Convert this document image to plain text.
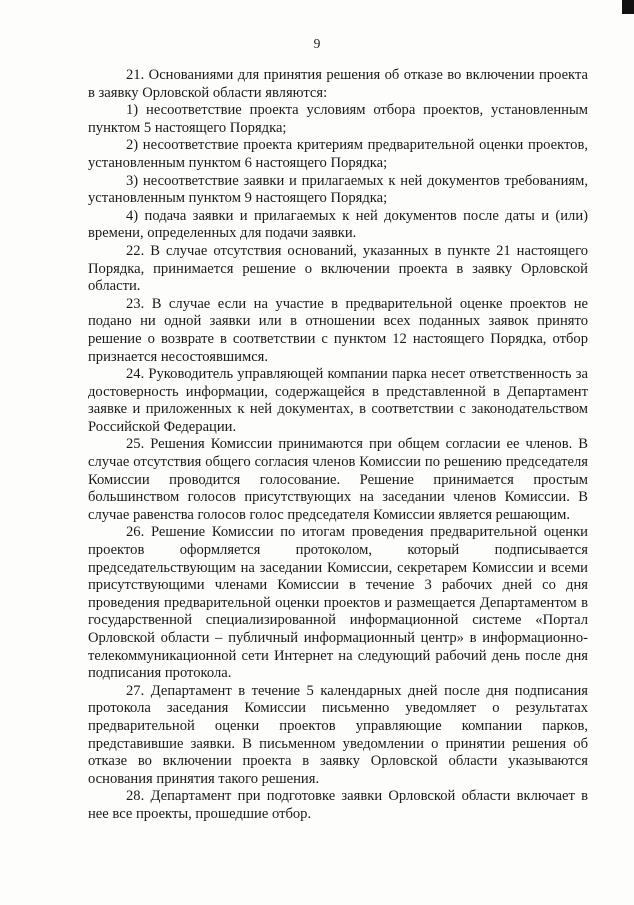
9

21. Основаниями для принятия решения об отказе во включении проекта в заявку Орловской области являются:

1) несоответствие проекта условиям отбора проектов, установленным пунктом 5 настоящего Порядка;

2) несоответствие проекта критериям предварительной оценки проектов, установленным пунктом 6 настоящего Порядка;

3) несоответствие заявки и прилагаемых к ней документов требованиям, установленным пунктом 9 настоящего Порядка;

4) подача заявки и прилагаемых к ней документов после даты и (или) времени, определенных для подачи заявки.

22. В случае отсутствия оснований, указанных в пункте 21 настоящего Порядка, принимается решение о включении проекта в заявку Орловской области.

23. В случае если на участие в предварительной оценке проектов не подано ни одной заявки или в отношении всех поданных заявок принято решение о возврате в соответствии с пунктом 12 настоящего Порядка, отбор признается несостоявшимся.

24. Руководитель управляющей компании парка несет ответственность за достоверность информации, содержащейся в представленной в Департамент заявке и приложенных к ней документах, в соответствии с законодательством Российской Федерации.

25. Решения Комиссии принимаются при общем согласии ее членов. В случае отсутствия общего согласия членов Комиссии по решению председателя Комиссии проводится голосование. Решение принимается простым большинством голосов присутствующих на заседании членов Комиссии. В случае равенства голосов голос председателя Комиссии является решающим.

26. Решение Комиссии по итогам проведения предварительной оценки проектов оформляется протоколом, который подписывается председательствующим на заседании Комиссии, секретарем Комиссии и всеми присутствующими членами Комиссии в течение 3 рабочих дней со дня проведения предварительной оценки проектов и размещается Департаментом в государственной специализированной информационной системе «Портал Орловской области – публичный информационный центр» в информационно-телекоммуникационной сети Интернет на следующий рабочий день после дня подписания протокола.

27. Департамент в течение 5 календарных дней после дня подписания протокола заседания Комиссии письменно уведомляет о результатах предварительной оценки проектов управляющие компании парков, представившие заявки. В письменном уведомлении о принятии решения об отказе во включении проекта в заявку Орловской области указываются основания принятия такого решения.

28. Департамент при подготовке заявки Орловской области включает в нее все проекты, прошедшие отбор.
